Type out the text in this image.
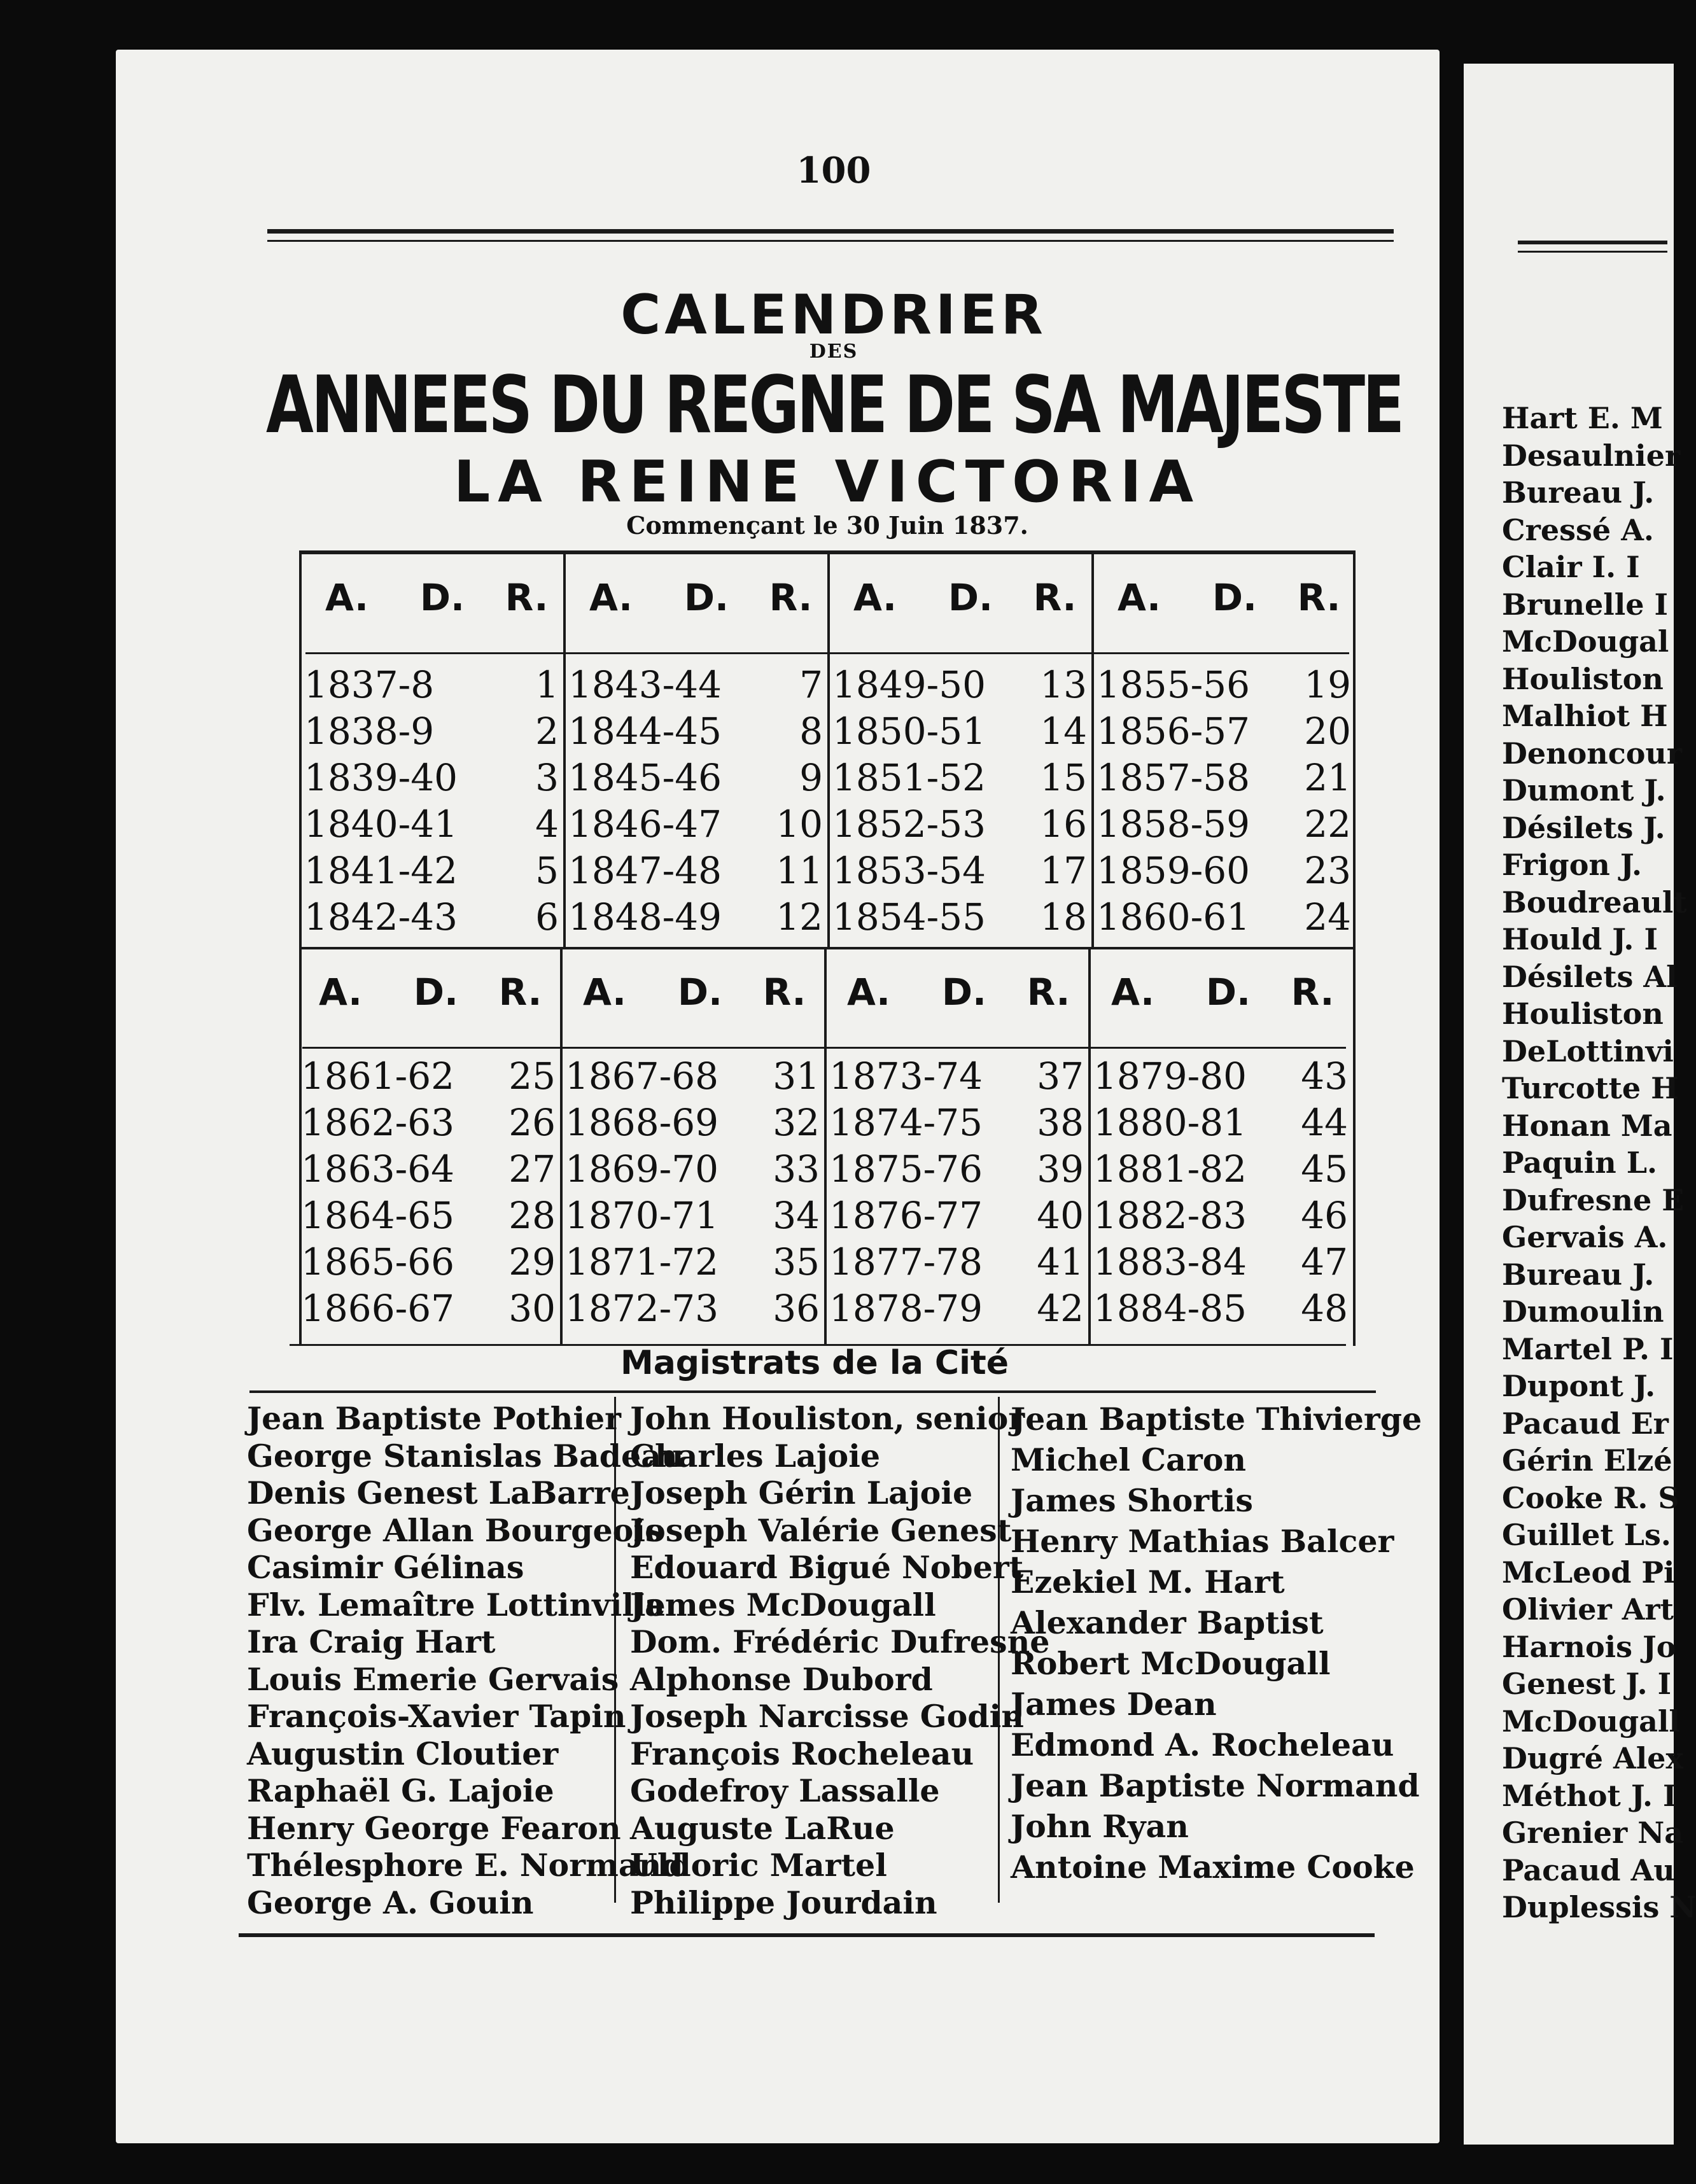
100
CALENDRIER
DES
ANNEES DU REGNE DE SA MAJESTE
LA REINE VICTORIA
Commençant le 30 Juin 1837.
A.	D.	R.	A.	D.	R.	A.	D.	R.	A.	D.	R.
1837-8	1 1843-44	7 1849-50	13 1855-56	19
1838-9	2 1844-45	8 1850-51	14 1856-57	20
1839-40	3 1845-46	9 1851-52	15 1857-58	21
1840-41	4 1846-47	10 1852-53	16 1858-59	22
1841-42	5 1847-48	11 1853-54	17 1859-60	23
1842-43	6 1848-49	12 1854-55	18 1860-61	24
A.	D.	R.	A.	D.	R.	A.	D.	R.	A.	D.	R.
1861-62	25 1867-68	31 1873-74	37 1879-80	43
1862-63	26 1868-69	32 1874-75	38 1880-81	44
1863-64	27 1869-70	33 1875-76	39 1881-82	45
1864-65	28 1870-71	34 1876-77	40 1882-83	46
1865-66	29 1871-72	35 1877-78	41 1883-84	47
1866-67	30 1872-73	36 1878-79	42 1884-85	48
Magistrats de la Cité
Jean Baptiste Pothier
George Stanislas Badeau
Denis Genest LaBarre
George Allan Bourgeois
Casimir Gélinas
Flv. Lemaître Lottinville
Ira Craig Hart
Louis Emerie Gervais
François-Xavier Tapin
Augustin Cloutier
Raphaël G. Lajoie
Henry George Fearon
Thélesphore E. Normand
George A. Gouin
John Houliston, senior
Charles Lajoie
Joseph Gérin Lajoie
Joseph Valérie Genest
Edouard Bigué Nobert
James McDougall
Dom. Frédéric Dufresne
Alphonse Dubord
Joseph Narcisse Godin
François Rocheleau
Godefroy Lassalle
Auguste LaRue
Uldoric Martel
Philippe Jourdain
Jean Baptiste Thivierge
Michel Caron
James Shortis
Henry Mathias Balcer
Ezekiel M. Hart
Alexander Baptist
Robert McDougall
James Dean
Edmond A. Rocheleau
Jean Baptiste Normand
John Ryan
Antoine Maxime Cooke
Hart E. M
Desaulnier
Bureau J.
Cressé A.
Clair I. I
Brunelle I
McDougal
Houliston
Malhiot H
Denoncour
Dumont J.
Désilets J.
Frigon J.
Boudreault
Hould J. I
Désilets Al
Houliston
DeLottinvi
Turcotte H
Honan Ma
Paquin L.
Dufresne E
Gervais A.
Bureau J.
Dumoulin
Martel P. I
Dupont J.
Pacaud Er
Gérin Elzé
Cooke R. S
Guillet Ls.
McLeod Pi
Olivier Art
Harnois Jo
Genest J. I
McDougall
Dugré Alex
Méthot J. I
Grenier Na
Pacaud Au
Duplessis N
